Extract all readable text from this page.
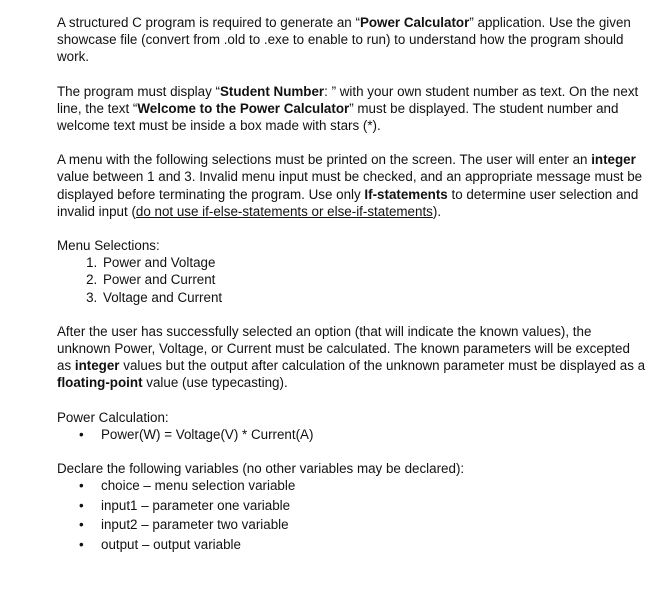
A structured C program is required to generate an “Power Calculator” application. Use the given showcase file (convert from .old to .exe to enable to run) to understand how the program should work.

The program must display “Student Number: ” with your own student number as text. On the next line, the text “Welcome to the Power Calculator” must be displayed. The student number and welcome text must be inside a box made with stars (*).

A menu with the following selections must be printed on the screen. The user will enter an integer value between 1 and 3. Invalid menu input must be checked, and an appropriate message must be displayed before terminating the program. Use only If-statements to determine user selection and invalid input (do not use if-else-statements or else-if-statements).

Menu Selections:

1. Power and Voltage
2. Power and Current
3. Voltage and Current

After the user has successfully selected an option (that will indicate the known values), the unknown Power, Voltage, or Current must be calculated. The known parameters will be excepted as integer values but the output after calculation of the unknown parameter must be displayed as a floating-point value (use typecasting).

Power Calculation:

• Power(W) = Voltage(V) * Current(A)

Declare the following variables (no other variables may be declared):

• choice – menu selection variable
• input1 – parameter one variable
• input2 – parameter two variable
• output – output variable
